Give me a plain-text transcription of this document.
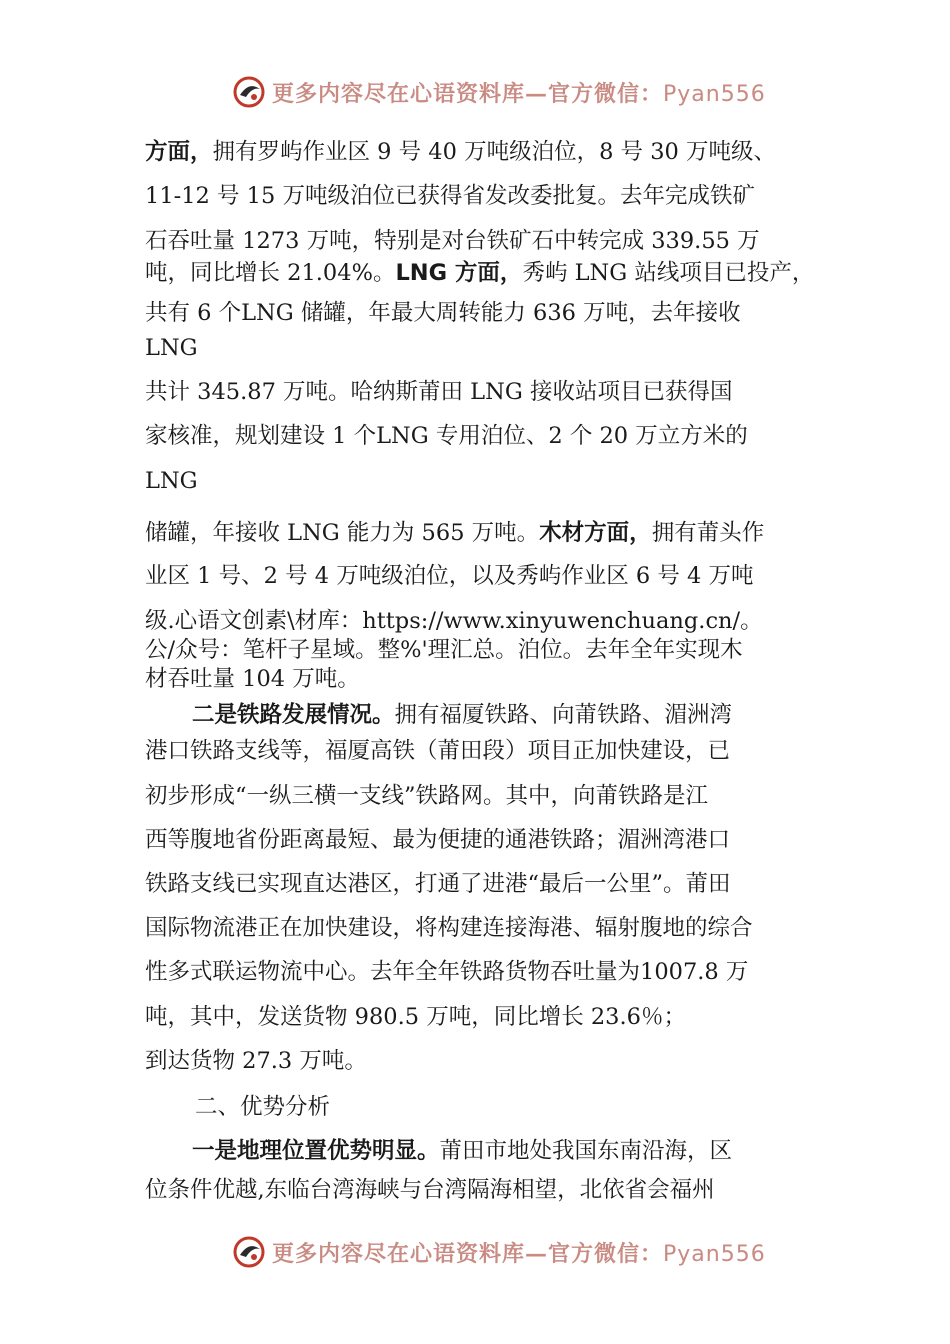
更多内容尽在心语资料库—官方微信：Pyan556
方面，拥有罗屿作业区 9 号 40 万吨级泊位，8 号 30 万吨级、
11-12 号 15 万吨级泊位已获得省发改委批复。去年完成铁矿
石吞吐量 1273 万吨，特别是对台铁矿石中转完成 339.55 万
吨，同比增长 21.04%。LNG 方面，秀屿 LNG 站线项目已投产，
共有 6 个LNG 储罐，年最大周转能力 636 万吨，去年接收
LNG
共计 345.87 万吨。哈纳斯莆田 LNG 接收站项目已获得国
家核准，规划建设 1 个LNG 专用泊位、2 个 20 万立方米的
LNG
储罐，年接收 LNG 能力为 565 万吨。木材方面，拥有莆头作
业区 1 号、2 号 4 万吨级泊位，以及秀屿作业区 6 号 4 万吨
级.心语文创素\材库：https://www.xinyuwenchuang.cn/。
公/众号：笔杆子星域。整%'理汇总。泊位。去年全年实现木
材吞吐量 104 万吨。
二是铁路发展情况。拥有福厦铁路、向莆铁路、湄洲湾
港口铁路支线等，福厦高铁（莆田段）项目正加快建设，已
初步形成“一纵三横一支线”铁路网。其中，向莆铁路是江
西等腹地省份距离最短、最为便捷的通港铁路；湄洲湾港口
铁路支线已实现直达港区，打通了进港“最后一公里”。莆田
国际物流港正在加快建设，将构建连接海港、辐射腹地的综合
性多式联运物流中心。去年全年铁路货物吞吐量为1007.8 万
吨，其中，发送货物 980.5 万吨，同比增长 23.6％；
到达货物 27.3 万吨。
二、优势分析
一是地理位置优势明显。莆田市地处我国东南沿海，区
位条件优越,东临台湾海峡与台湾隔海相望，北依省会福州
更多内容尽在心语资料库—官方微信：Pyan556
